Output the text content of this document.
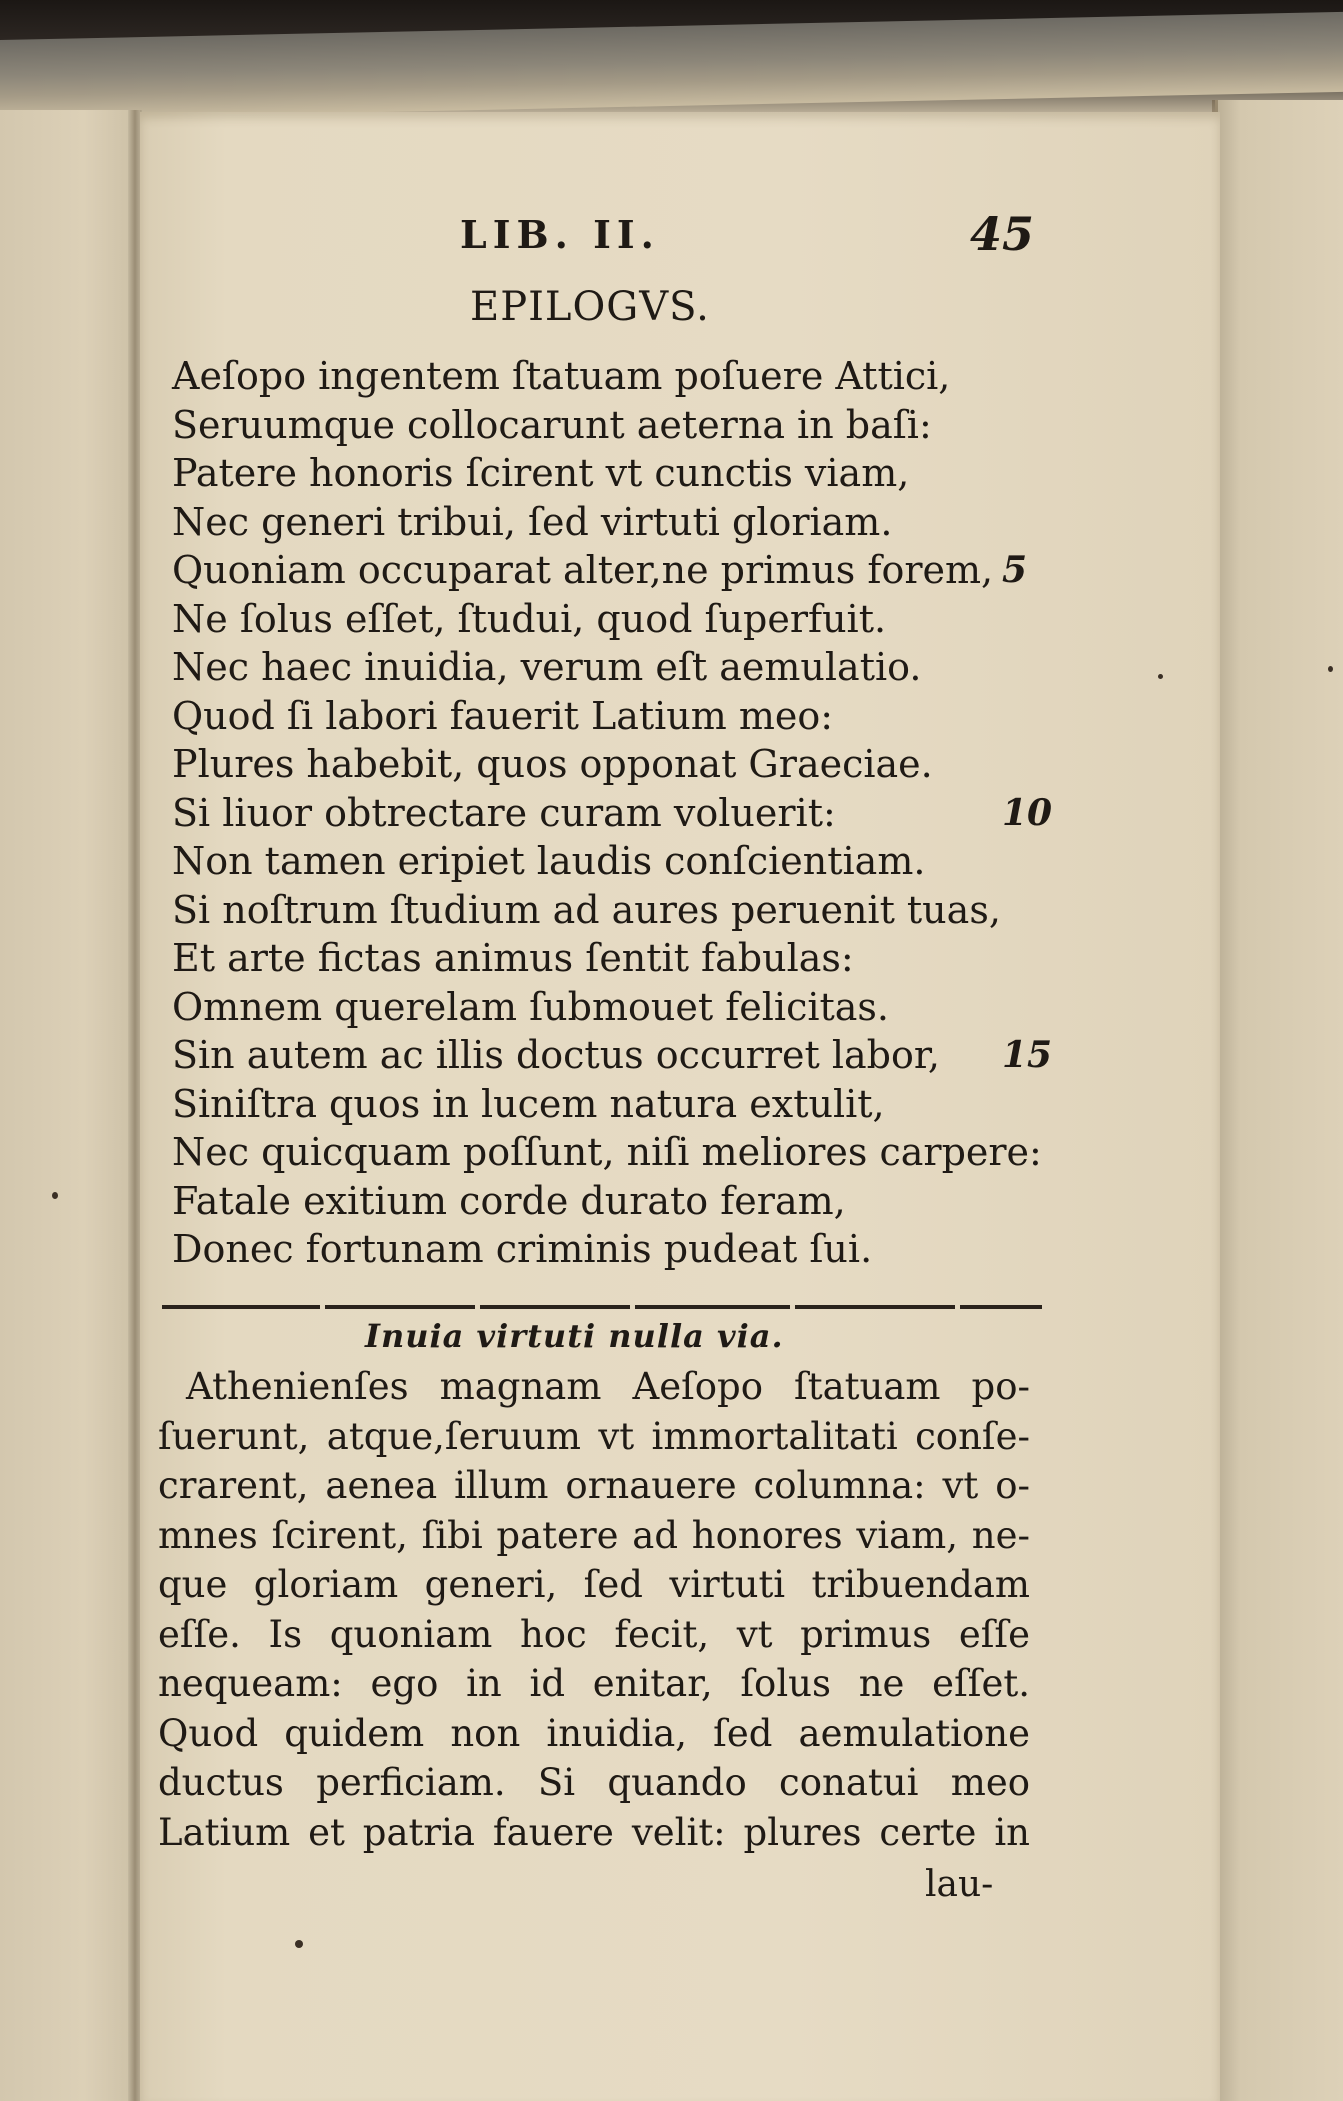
LIB. II.	45
EPILOGVS.
Aeſopo ingentem ſtatuam poſuere Attici,
Seruumque collocarunt aeterna in baſi:
Patere honoris ſcirent vt cunctis viam,
Nec generi tribui, ſed virtuti gloriam.
Quoniam occuparat alter,ne primus forem, 5
Ne ſolus eſſet, ſtudui, quod ſuperfuit.
Nec haec inuidia, verum eſt aemulatio.
Quod ſi labori fauerit Latium meo:
Plures habebit, quos opponat Graeciae.
Si liuor obtrectare curam voluerit:	10
Non tamen eripiet laudis conſcientiam.
Si noſtrum ſtudium ad aures peruenit tuas,
Et arte fictas animus ſentit fabulas:
Omnem querelam ſubmouet felicitas.
Sin autem ac illis doctus occurret labor, 15
Siniſtra quos in lucem natura extulit,
Nec quicquam poſſunt, niſi meliores carpere:
Fatale exitium corde durato feram,
Donec fortunam criminis pudeat ſui.
Inuia virtuti nulla via.
Athenienſes magnam Aeſopo ſtatuam po-
ſuerunt, atque,ſeruum vt immortalitati conſe-
crarent, aenea illum ornauere columna: vt o-
mnes ſcirent, ſibi patere ad honores viam, ne-
que gloriam generi, ſed virtuti tribuendam
eſſe. Is quoniam hoc fecit, vt primus eſſe
nequeam: ego in id enitar, ſolus ne eſſet.
Quod quidem non inuidia, ſed aemulatione
ductus perficiam. Si quando conatui meo
Latium et patria fauere velit: plures certe in
lau-
